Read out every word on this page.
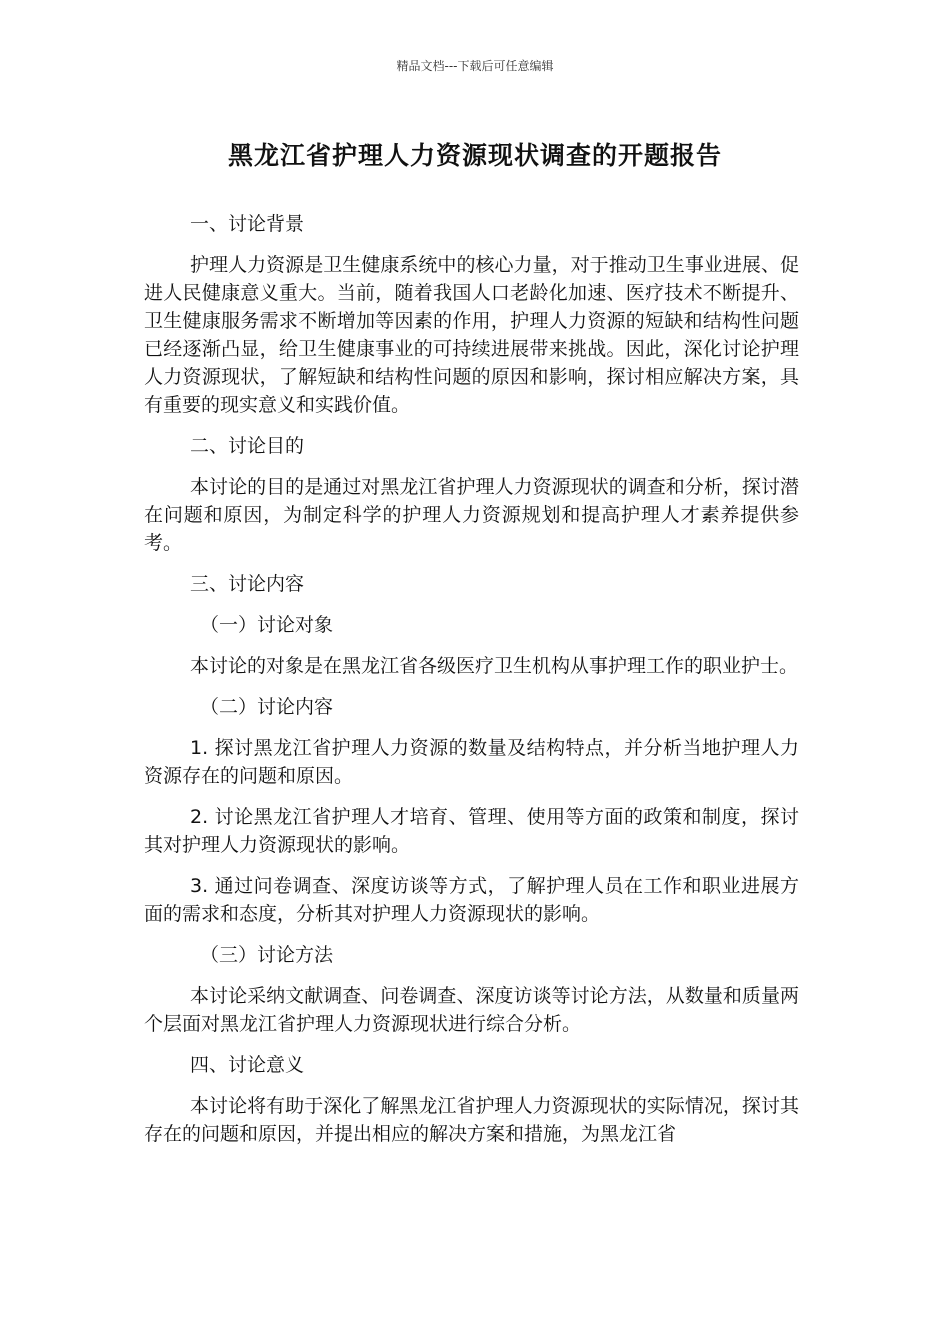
精品文档---下载后可任意编辑
黑龙江省护理人力资源现状调查的开题报告
一、讨论背景
护理人力资源是卫生健康系统中的核心力量，对于推动卫生事业进展、促进人民健康意义重大。当前，随着我国人口老龄化加速、医疗技术不断提升、卫生健康服务需求不断增加等因素的作用，护理人力资源的短缺和结构性问题已经逐渐凸显，给卫生健康事业的可持续进展带来挑战。因此，深化讨论护理人力资源现状，了解短缺和结构性问题的原因和影响，探讨相应解决方案，具有重要的现实意义和实践价值。
二、讨论目的
本讨论的目的是通过对黑龙江省护理人力资源现状的调查和分析，探讨潜在问题和原因，为制定科学的护理人力资源规划和提高护理人才素养提供参考。
三、讨论内容
（一）讨论对象
本讨论的对象是在黑龙江省各级医疗卫生机构从事护理工作的职业护士。
（二）讨论内容
1. 探讨黑龙江省护理人力资源的数量及结构特点，并分析当地护理人力资源存在的问题和原因。
2. 讨论黑龙江省护理人才培育、管理、使用等方面的政策和制度，探讨其对护理人力资源现状的影响。
3. 通过问卷调查、深度访谈等方式，了解护理人员在工作和职业进展方面的需求和态度，分析其对护理人力资源现状的影响。
（三）讨论方法
本讨论采纳文献调查、问卷调查、深度访谈等讨论方法，从数量和质量两个层面对黑龙江省护理人力资源现状进行综合分析。
四、讨论意义
本讨论将有助于深化了解黑龙江省护理人力资源现状的实际情况，探讨其存在的问题和原因，并提出相应的解决方案和措施，为黑龙江省
